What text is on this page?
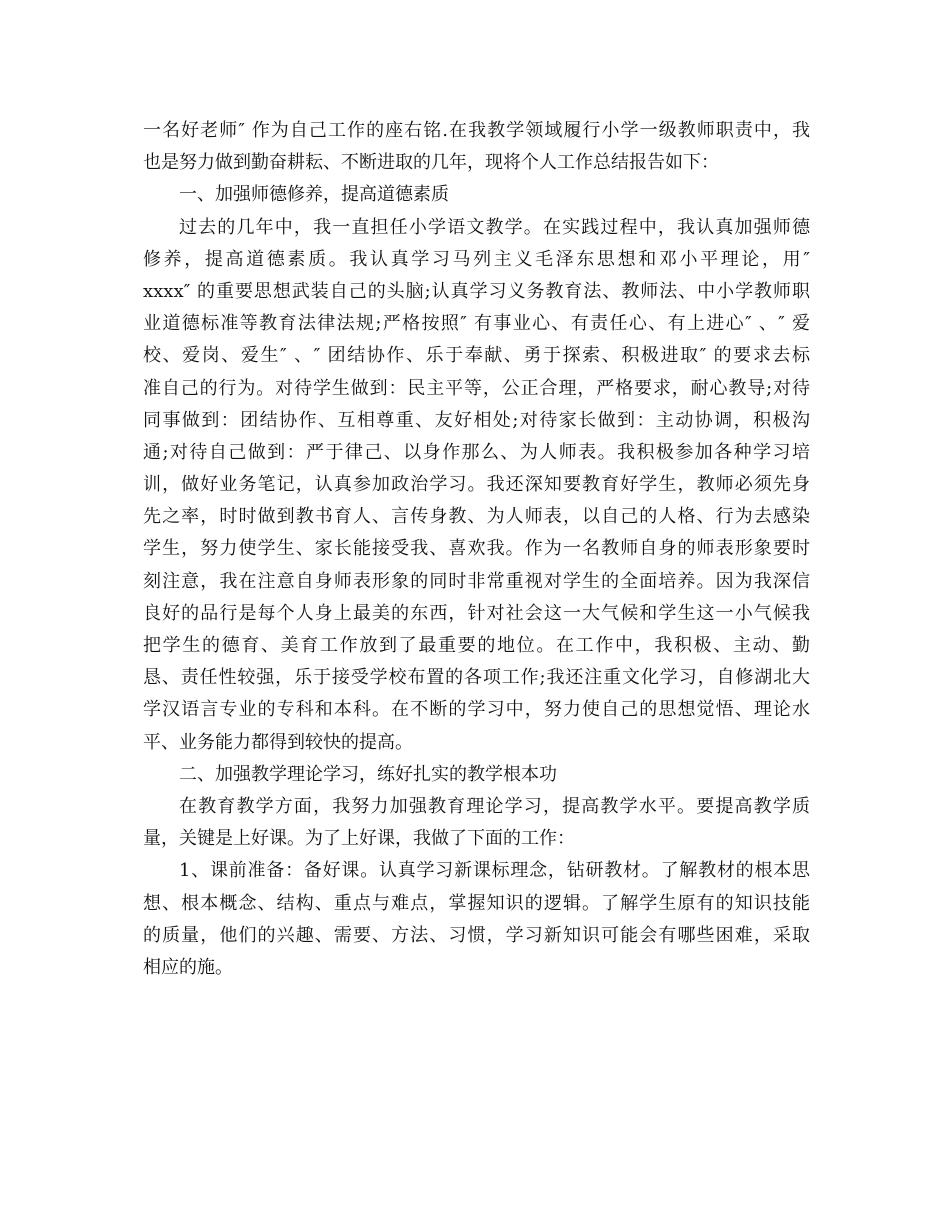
一名好老师″ 作为自己工作的座右铭.在我教学领域履行小学一级教师职责中，我
也是努力做到勤奋耕耘、不断进取的几年，现将个人工作总结报告如下：
一、加强师德修养，提高道德素质
过去的几年中，我一直担任小学语文教学。在实践过程中，我认真加强师德
修养，提高道德素质。我认真学习马列主义毛泽东思想和邓小平理论，用″
xxxx″ 的重要思想武装自己的头脑;认真学习义务教育法、教师法、中小学教师职
业道德标准等教育法律法规;严格按照″ 有事业心、有责任心、有上进心″ 、″ 爱
校、爱岗、爱生″ 、″ 团结协作、乐于奉献、勇于探索、积极进取″ 的要求去标
准自己的行为。对待学生做到：民主平等，公正合理，严格要求，耐心教导;对待
同事做到：团结协作、互相尊重、友好相处;对待家长做到：主动协调，积极沟
通;对待自己做到：严于律己、以身作那么、为人师表。我积极参加各种学习培
训，做好业务笔记，认真参加政治学习。我还深知要教育好学生，教师必须先身
先之率，时时做到教书育人、言传身教、为人师表，以自己的人格、行为去感染
学生，努力使学生、家长能接受我、喜欢我。作为一名教师自身的师表形象要时
刻注意，我在注意自身师表形象的同时非常重视对学生的全面培养。因为我深信
良好的品行是每个人身上最美的东西，针对社会这一大气候和学生这一小气候我
把学生的德育、美育工作放到了最重要的地位。在工作中，我积极、主动、勤
恳、责任性较强，乐于接受学校布置的各项工作;我还注重文化学习，自修湖北大
学汉语言专业的专科和本科。在不断的学习中，努力使自己的思想觉悟、理论水
平、业务能力都得到较快的提高。
二、加强教学理论学习，练好扎实的教学根本功
在教育教学方面，我努力加强教育理论学习，提高教学水平。要提高教学质
量，关键是上好课。为了上好课，我做了下面的工作：
1、课前准备：备好课。认真学习新课标理念，钻研教材。了解教材的根本思
想、根本概念、结构、重点与难点，掌握知识的逻辑。了解学生原有的知识技能
的质量，他们的兴趣、需要、方法、习惯，学习新知识可能会有哪些困难，采取
相应的施。
